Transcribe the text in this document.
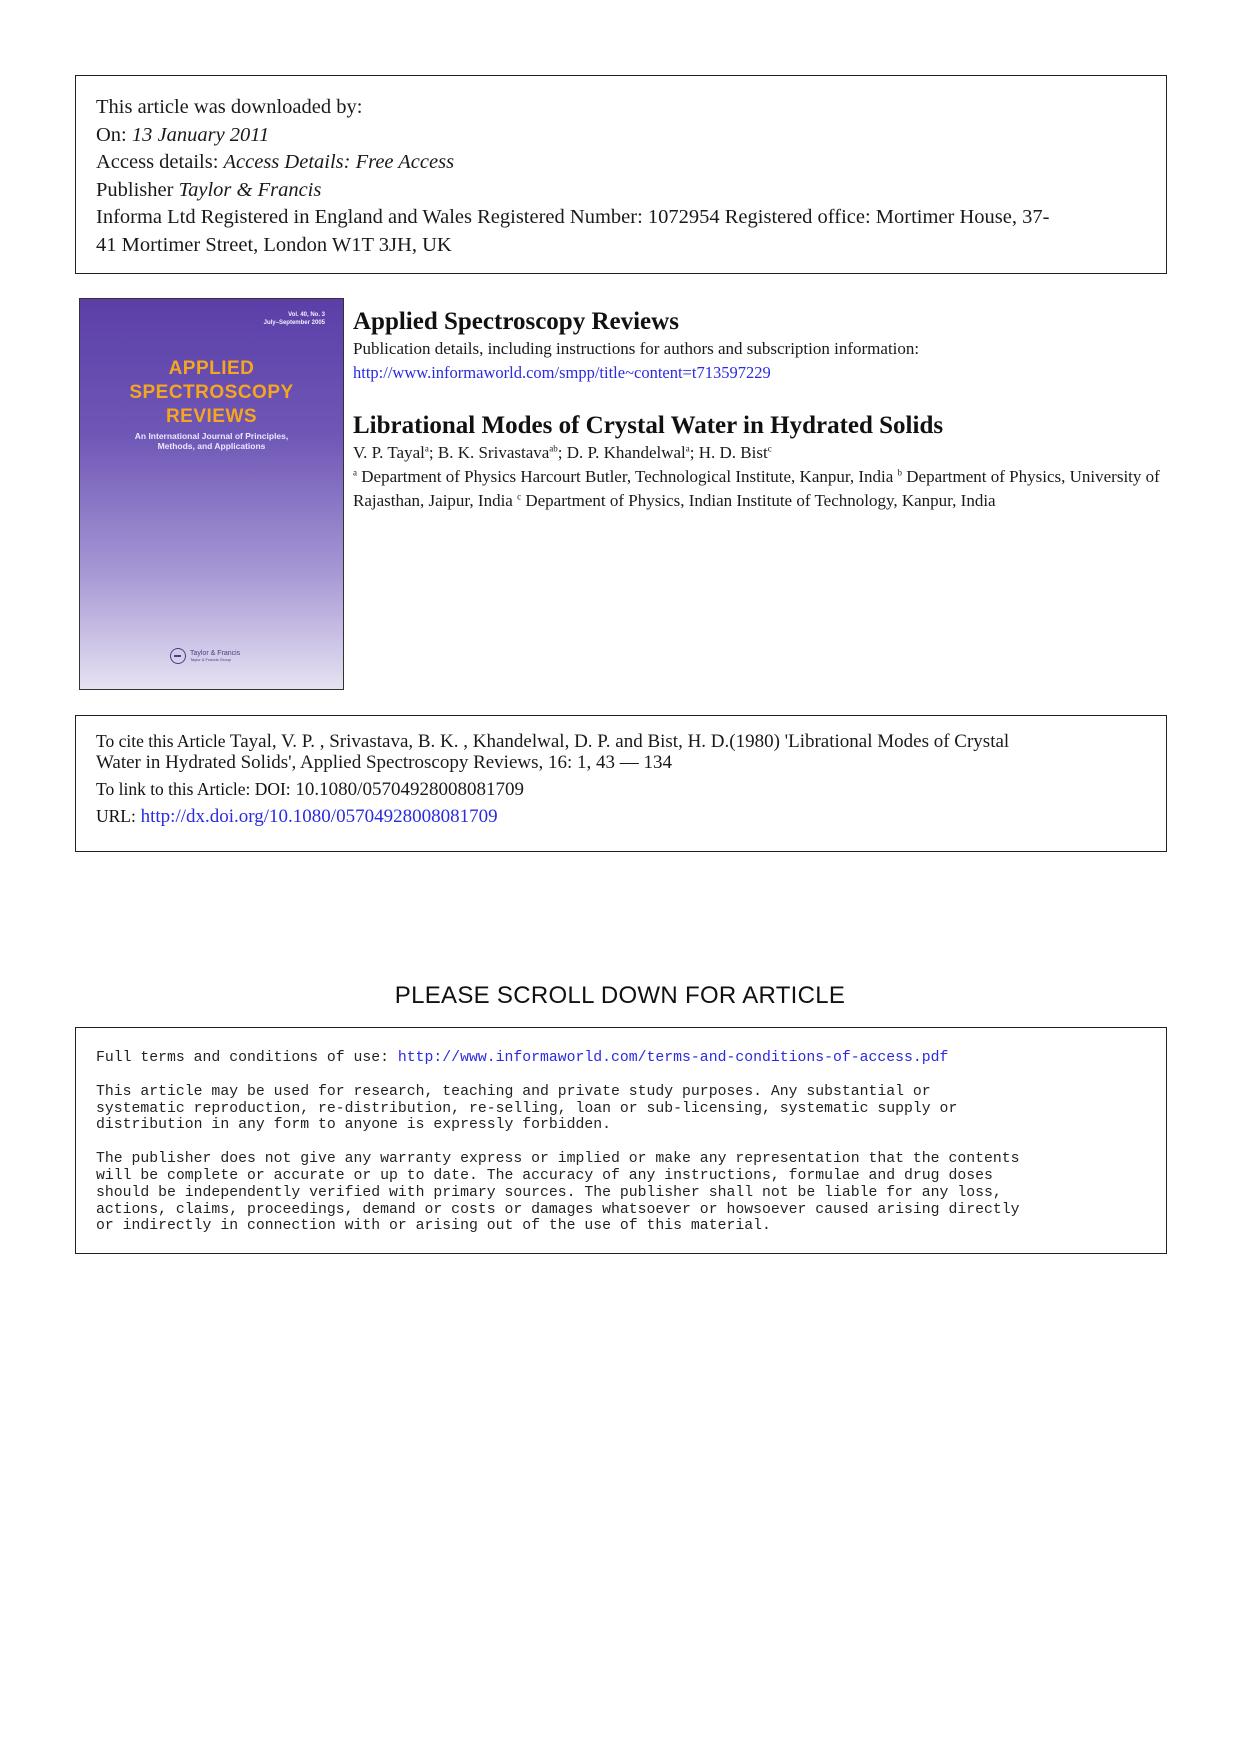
This article was downloaded by:
On: 13 January 2011
Access details: Access Details: Free Access
Publisher Taylor & Francis
Informa Ltd Registered in England and Wales Registered Number: 1072954 Registered office: Mortimer House, 37-
41 Mortimer Street, London W1T 3JH, UK
Vol. 40, No. 3
July–September 2005
APPLIED
SPECTROSCOPY
REVIEWS
An International Journal of Principles,
Methods, and Applications
Taylor & Francis
Taylor & Francis Group
Applied Spectroscopy Reviews

Publication details, including instructions for authors and subscription information:

http://www.informaworld.com/smpp/title~content=t713597229

Librational Modes of Crystal Water in Hydrated Solids

V. P. Tayal$^a$; B. K. Srivastava$^{ab}$; D. P. Khandelwal$^a$; H. D. Bist$^c$

$^a$ Department of Physics Harcourt Butler, Technological Institute, Kanpur, India $^b$ Department of Physics, University of Rajasthan, Jaipur, India $^c$ Department of Physics, Indian Institute of Technology, Kanpur, India

To cite this Article Tayal, V. P. , Srivastava, B. K. , Khandelwal, D. P. and Bist, H. D.(1980) 'Librational Modes of Crystal
Water in Hydrated Solids', Applied Spectroscopy Reviews, 16: 1, 43 — 134
To link to this Article: DOI: 10.1080/05704928008081709
URL: http://dx.doi.org/10.1080/05704928008081709
PLEASE SCROLL DOWN FOR ARTICLE

Full terms and conditions of use: http://www.informaworld.com/terms-and-conditions-of-access.pdf

This article may be used for research, teaching and private study purposes. Any substantial or
systematic reproduction, re-distribution, re-selling, loan or sub-licensing, systematic supply or
distribution in any form to anyone is expressly forbidden.

The publisher does not give any warranty express or implied or make any representation that the contents
will be complete or accurate or up to date. The accuracy of any instructions, formulae and drug doses
should be independently verified with primary sources. The publisher shall not be liable for any loss,
actions, claims, proceedings, demand or costs or damages whatsoever or howsoever caused arising directly
or indirectly in connection with or arising out of the use of this material.
